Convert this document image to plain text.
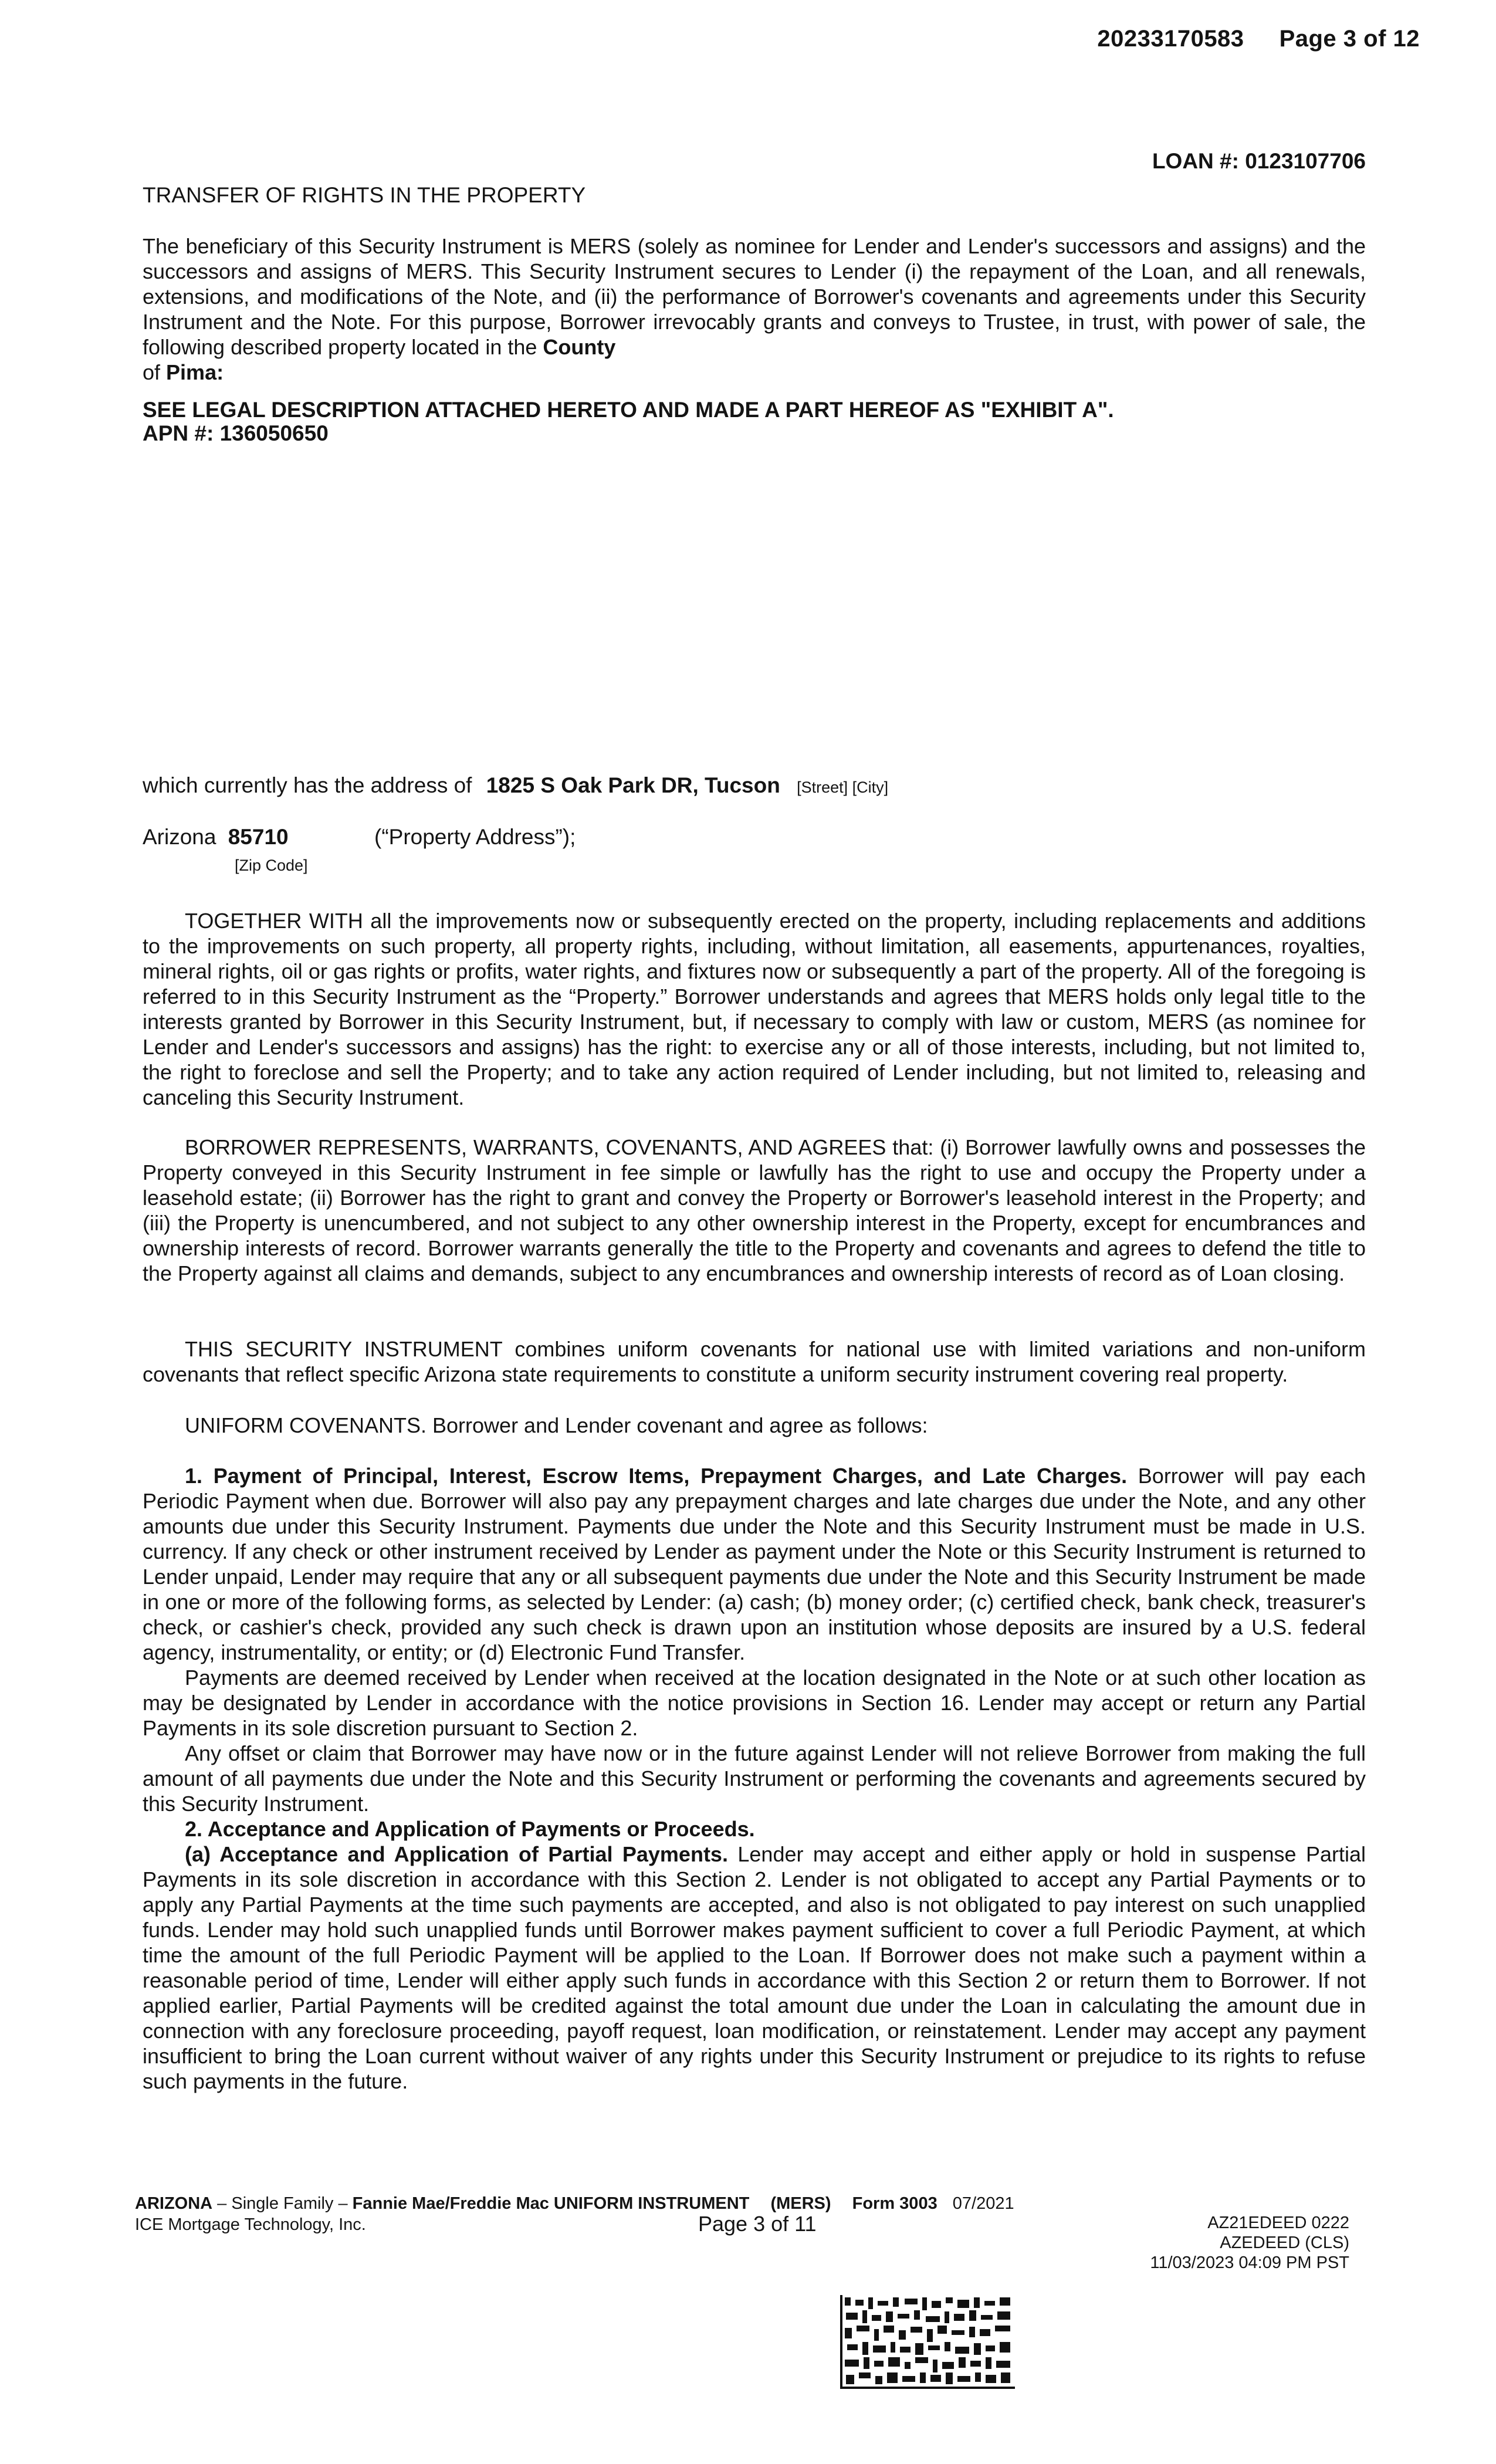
20233170583 Page 3 of 12
LOAN #: 0123107706
TRANSFER OF RIGHTS IN THE PROPERTY

The beneficiary of this Security Instrument is MERS (solely as nominee for Lender and Lender's successors and assigns) and the successors and assigns of MERS. This Security Instrument secures to Lender (i) the repayment of the Loan, and all renewals, extensions, and modifications of the Note, and (ii) the performance of Borrower's covenants and agreements under this Security Instrument and the Note. For this purpose, Borrower irrevocably grants and conveys to Trustee, in trust, with power of sale, the following described property located in the County
of Pima:

SEE LEGAL DESCRIPTION ATTACHED HERETO AND MADE A PART HEREOF AS "EXHIBIT A".
APN #: 136050650
which currently has the address of 1825 S Oak Park DR, Tucson [Street] [City]
Arizona 85710	(“Property Address”);
[Zip Code]

TOGETHER WITH all the improvements now or subsequently erected on the property, including replacements and additions to the improvements on such property, all property rights, including, without limitation, all easements, appurtenances, royalties, mineral rights, oil or gas rights or profits, water rights, and fixtures now or subsequently a part of the property. All of the foregoing is referred to in this Security Instrument as the “Property.” Borrower understands and agrees that MERS holds only legal title to the interests granted by Borrower in this Security Instrument, but, if necessary to comply with law or custom, MERS (as nominee for Lender and Lender's successors and assigns) has the right: to exercise any or all of those interests, including, but not limited to, the right to foreclose and sell the Property; and to take any action required of Lender including, but not limited to, releasing and canceling this Security Instrument.

BORROWER REPRESENTS, WARRANTS, COVENANTS, AND AGREES that: (i) Borrower lawfully owns and possesses the Property conveyed in this Security Instrument in fee simple or lawfully has the right to use and occupy the Property under a leasehold estate; (ii) Borrower has the right to grant and convey the Property or Borrower's leasehold interest in the Property; and (iii) the Property is unencumbered, and not subject to any other ownership interest in the Property, except for encumbrances and ownership interests of record. Borrower warrants generally the title to the Property and covenants and agrees to defend the title to the Property against all claims and demands, subject to any encumbrances and ownership interests of record as of Loan closing.

THIS SECURITY INSTRUMENT combines uniform covenants for national use with limited variations and non-uniform covenants that reflect specific Arizona state requirements to constitute a uniform security instrument covering real property.

UNIFORM COVENANTS. Borrower and Lender covenant and agree as follows:

1. Payment of Principal, Interest, Escrow Items, Prepayment Charges, and Late Charges. Borrower will pay each Periodic Payment when due. Borrower will also pay any prepayment charges and late charges due under the Note, and any other amounts due under this Security Instrument. Payments due under the Note and this Security Instrument must be made in U.S. currency. If any check or other instrument received by Lender as payment under the Note or this Security Instrument is returned to Lender unpaid, Lender may require that any or all subsequent payments due under the Note and this Security Instrument be made in one or more of the following forms, as selected by Lender: (a) cash; (b) money order; (c) certified check, bank check, treasurer's check, or cashier's check, provided any such check is drawn upon an institution whose deposits are insured by a U.S. federal agency, instrumentality, or entity; or (d) Electronic Fund Transfer.

Payments are deemed received by Lender when received at the location designated in the Note or at such other location as may be designated by Lender in accordance with the notice provisions in Section 16. Lender may accept or return any Partial Payments in its sole discretion pursuant to Section 2.

Any offset or claim that Borrower may have now or in the future against Lender will not relieve Borrower from making the full amount of all payments due under the Note and this Security Instrument or performing the covenants and agreements secured by this Security Instrument.

2. Acceptance and Application of Payments or Proceeds.

(a) Acceptance and Application of Partial Payments. Lender may accept and either apply or hold in suspense Partial Payments in its sole discretion in accordance with this Section 2. Lender is not obligated to accept any Partial Payments or to apply any Partial Payments at the time such payments are accepted, and also is not obligated to pay interest on such unapplied funds. Lender may hold such unapplied funds until Borrower makes payment sufficient to cover a full Periodic Payment, at which time the amount of the full Periodic Payment will be applied to the Loan. If Borrower does not make such a payment within a reasonable period of time, Lender will either apply such funds in accordance with this Section 2 or return them to Borrower. If not applied earlier, Partial Payments will be credited against the total amount due under the Loan in calculating the amount due in connection with any foreclosure proceeding, payoff request, loan modification, or reinstatement. Lender may accept any payment insufficient to bring the Loan current without waiver of any rights under this Security Instrument or prejudice to its rights to refuse such payments in the future.

ARIZONA – Single Family – Fannie Mae/Freddie Mac UNIFORM INSTRUMENT (MERS) Form 3003 07/2021
ICE Mortgage Technology, Inc.	Page 3 of 11	AZ21EDEED 0222
AZEDEED (CLS)
11/03/2023 04:09 PM PST
